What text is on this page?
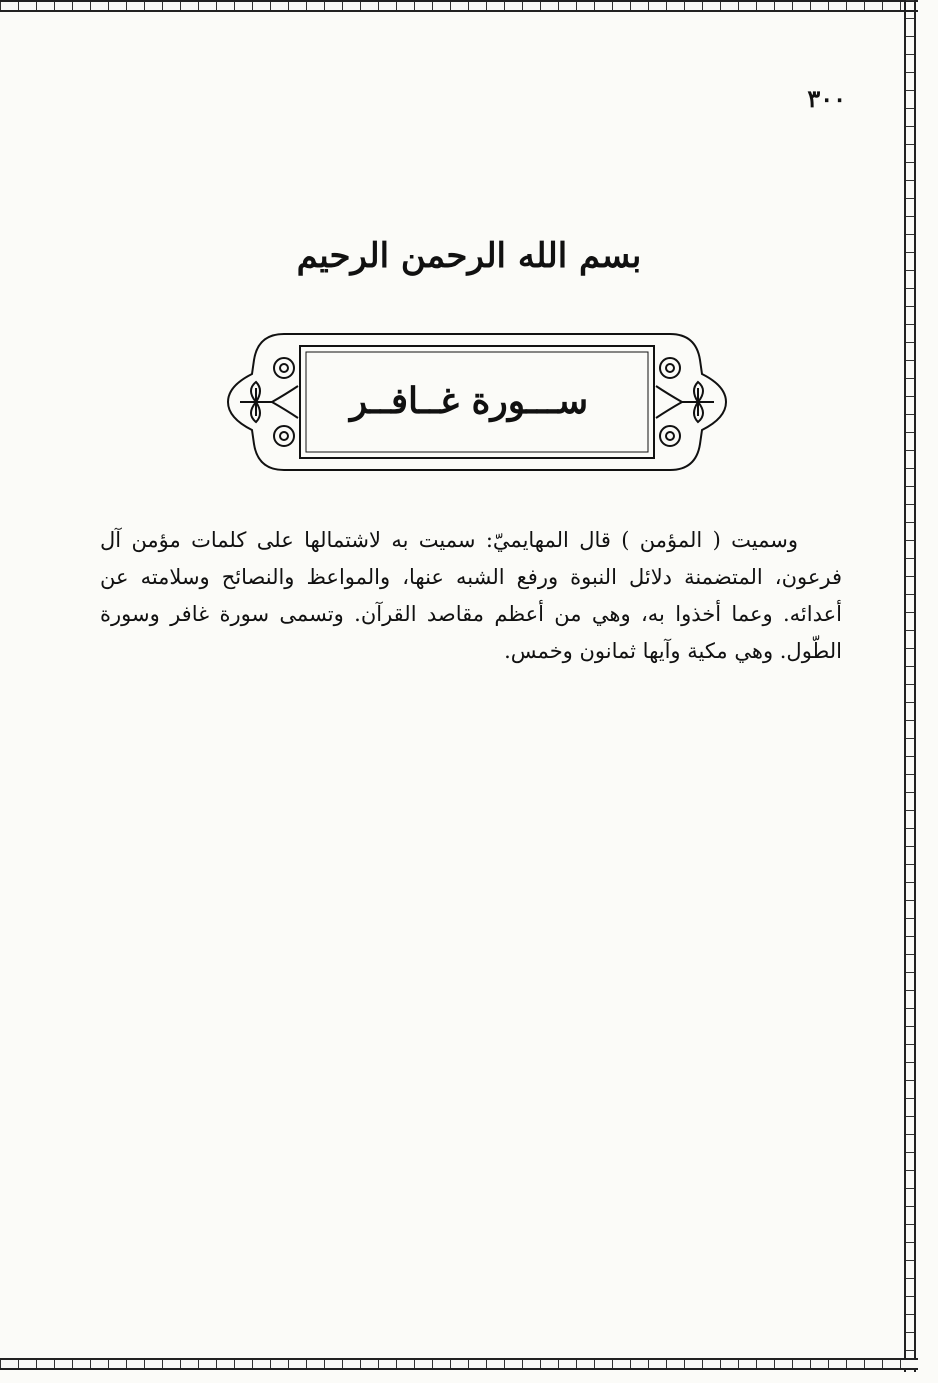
٣٠٠
بسم الله الرحمن الرحيم
ســـورة غــافــر

وسميت ( المؤمن ) قال المهايميّ: سميت به لاشتمالها على كلمات مؤمن آل فرعون، المتضمنة دلائل النبوة ورفع الشبه عنها، والمواعظ والنصائح وسلامته عن أعدائه. وعما أخذوا به، وهي من أعظم مقاصد القرآن. وتسمى سورة غافر وسورة الطّول. وهي مكية وآيها ثمانون وخمس.
